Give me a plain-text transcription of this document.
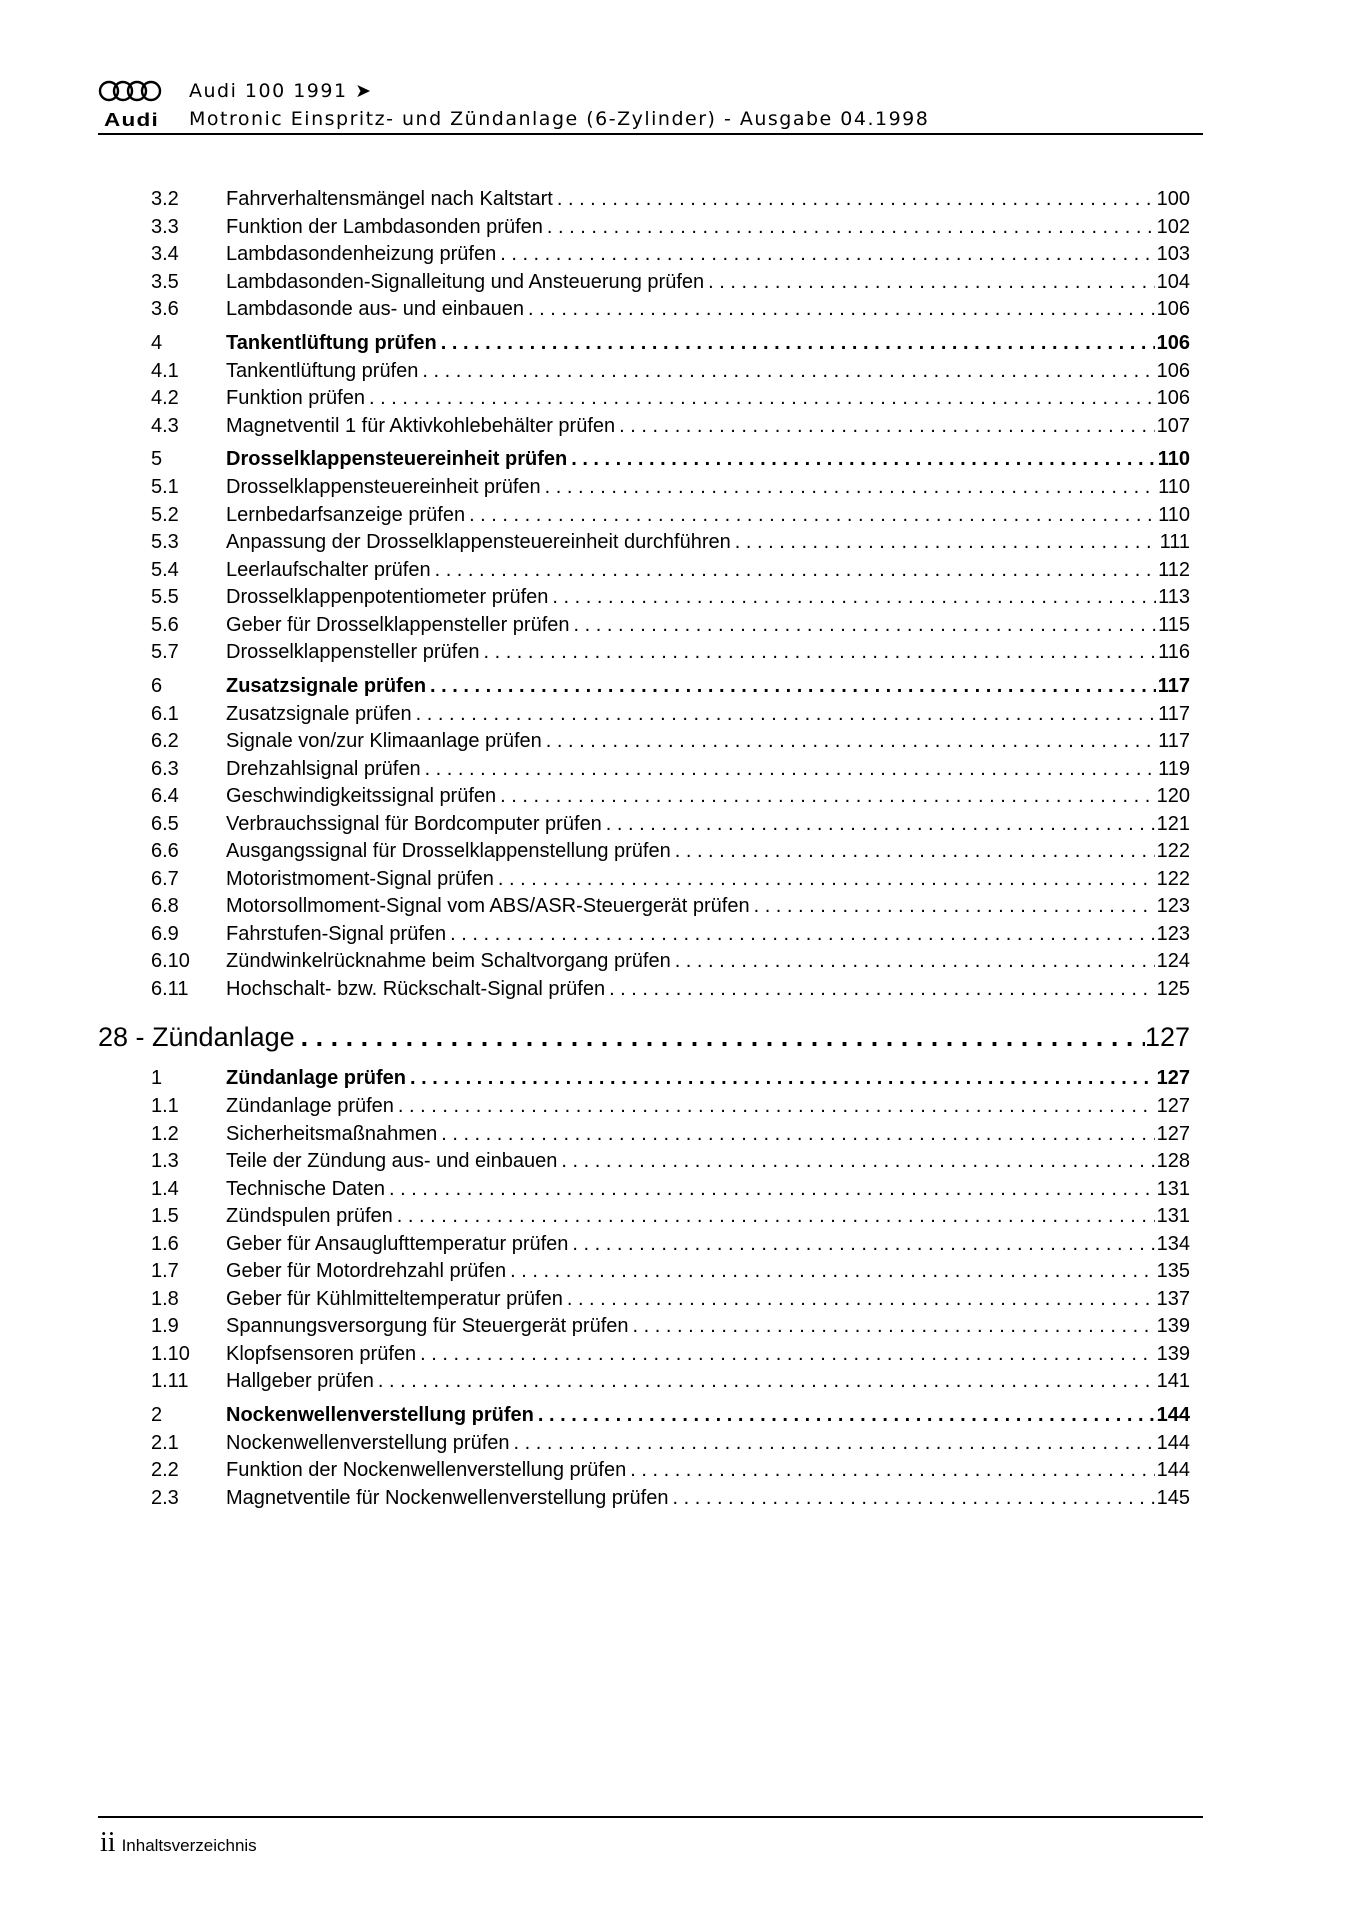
Audi
Audi 100 1991 ➤
Motronic Einspritz- und Zündanlage (6-Zylinder) - Ausgabe 04.1998
3.2 Fahrverhaltensmängel nach Kaltstart . . .	100
3.3 Funktion der Lambdasonden prüfen . . .	102
3.4 Lambdasondenheizung prüfen . . .	103
3.5 Lambdasonden-Signalleitung und Ansteuerung prüfen . . .	104
3.6 Lambdasonde aus- und einbauen . . .	106
4	Tankentlüftung prüfen . . .	106
4.1 Tankentlüftung prüfen . . .	106
4.2 Funktion prüfen . . .	106
4.3 Magnetventil 1 für Aktivkohlebehälter prüfen . . .	107
5	Drosselklappensteuereinheit prüfen . . .	110
5.1 Drosselklappensteuereinheit prüfen . . .	110
5.2 Lernbedarfsanzeige prüfen . . .	110
5.3 Anpassung der Drosselklappensteuereinheit durchführen . . .	111
5.4 Leerlaufschalter prüfen . . .	112
5.5 Drosselklappenpotentiometer prüfen . . .	113
5.6 Geber für Drosselklappensteller prüfen . . .	115
5.7 Drosselklappensteller prüfen . . .	116
6	Zusatzsignale prüfen . . .	117
6.1 Zusatzsignale prüfen . . .	117
6.2 Signale von/zur Klimaanlage prüfen . . .	117
6.3 Drehzahlsignal prüfen . . .	119
6.4 Geschwindigkeitssignal prüfen . . .	120
6.5 Verbrauchssignal für Bordcomputer prüfen . . .	121
6.6 Ausgangssignal für Drosselklappenstellung prüfen . . .	122
6.7 Motoristmoment-Signal prüfen . . .	122
6.8 Motorsollmoment-Signal vom ABS/ASR-Steuergerät prüfen . . .	123
6.9 Fahrstufen-Signal prüfen . . .	123
6.10 Zündwinkelrücknahme beim Schaltvorgang prüfen . . .	124
6.11 Hochschalt- bzw. Rückschalt-Signal prüfen . . .	125
28 - Zündanlage . . .	127
1	Zündanlage prüfen . . .	127
1.1 Zündanlage prüfen . . .	127
1.2 Sicherheitsmaßnahmen . . .	127
1.3 Teile der Zündung aus- und einbauen . . .	128
1.4 Technische Daten . . .	131
1.5 Zündspulen prüfen . . .	131
1.6 Geber für Ansauglufttemperatur prüfen . . .	134
1.7 Geber für Motordrehzahl prüfen . . .	135
1.8 Geber für Kühlmitteltemperatur prüfen . . .	137
1.9 Spannungsversorgung für Steuergerät prüfen . . .	139
1.10 Klopfsensoren prüfen . . .	139
1.11 Hallgeber prüfen . . .	141
2	Nockenwellenverstellung prüfen . . .	144
2.1 Nockenwellenverstellung prüfen . . .	144
2.2 Funktion der Nockenwellenverstellung prüfen . . .	144
2.3 Magnetventile für Nockenwellenverstellung prüfen . . .	145
ii Inhaltsverzeichnis
